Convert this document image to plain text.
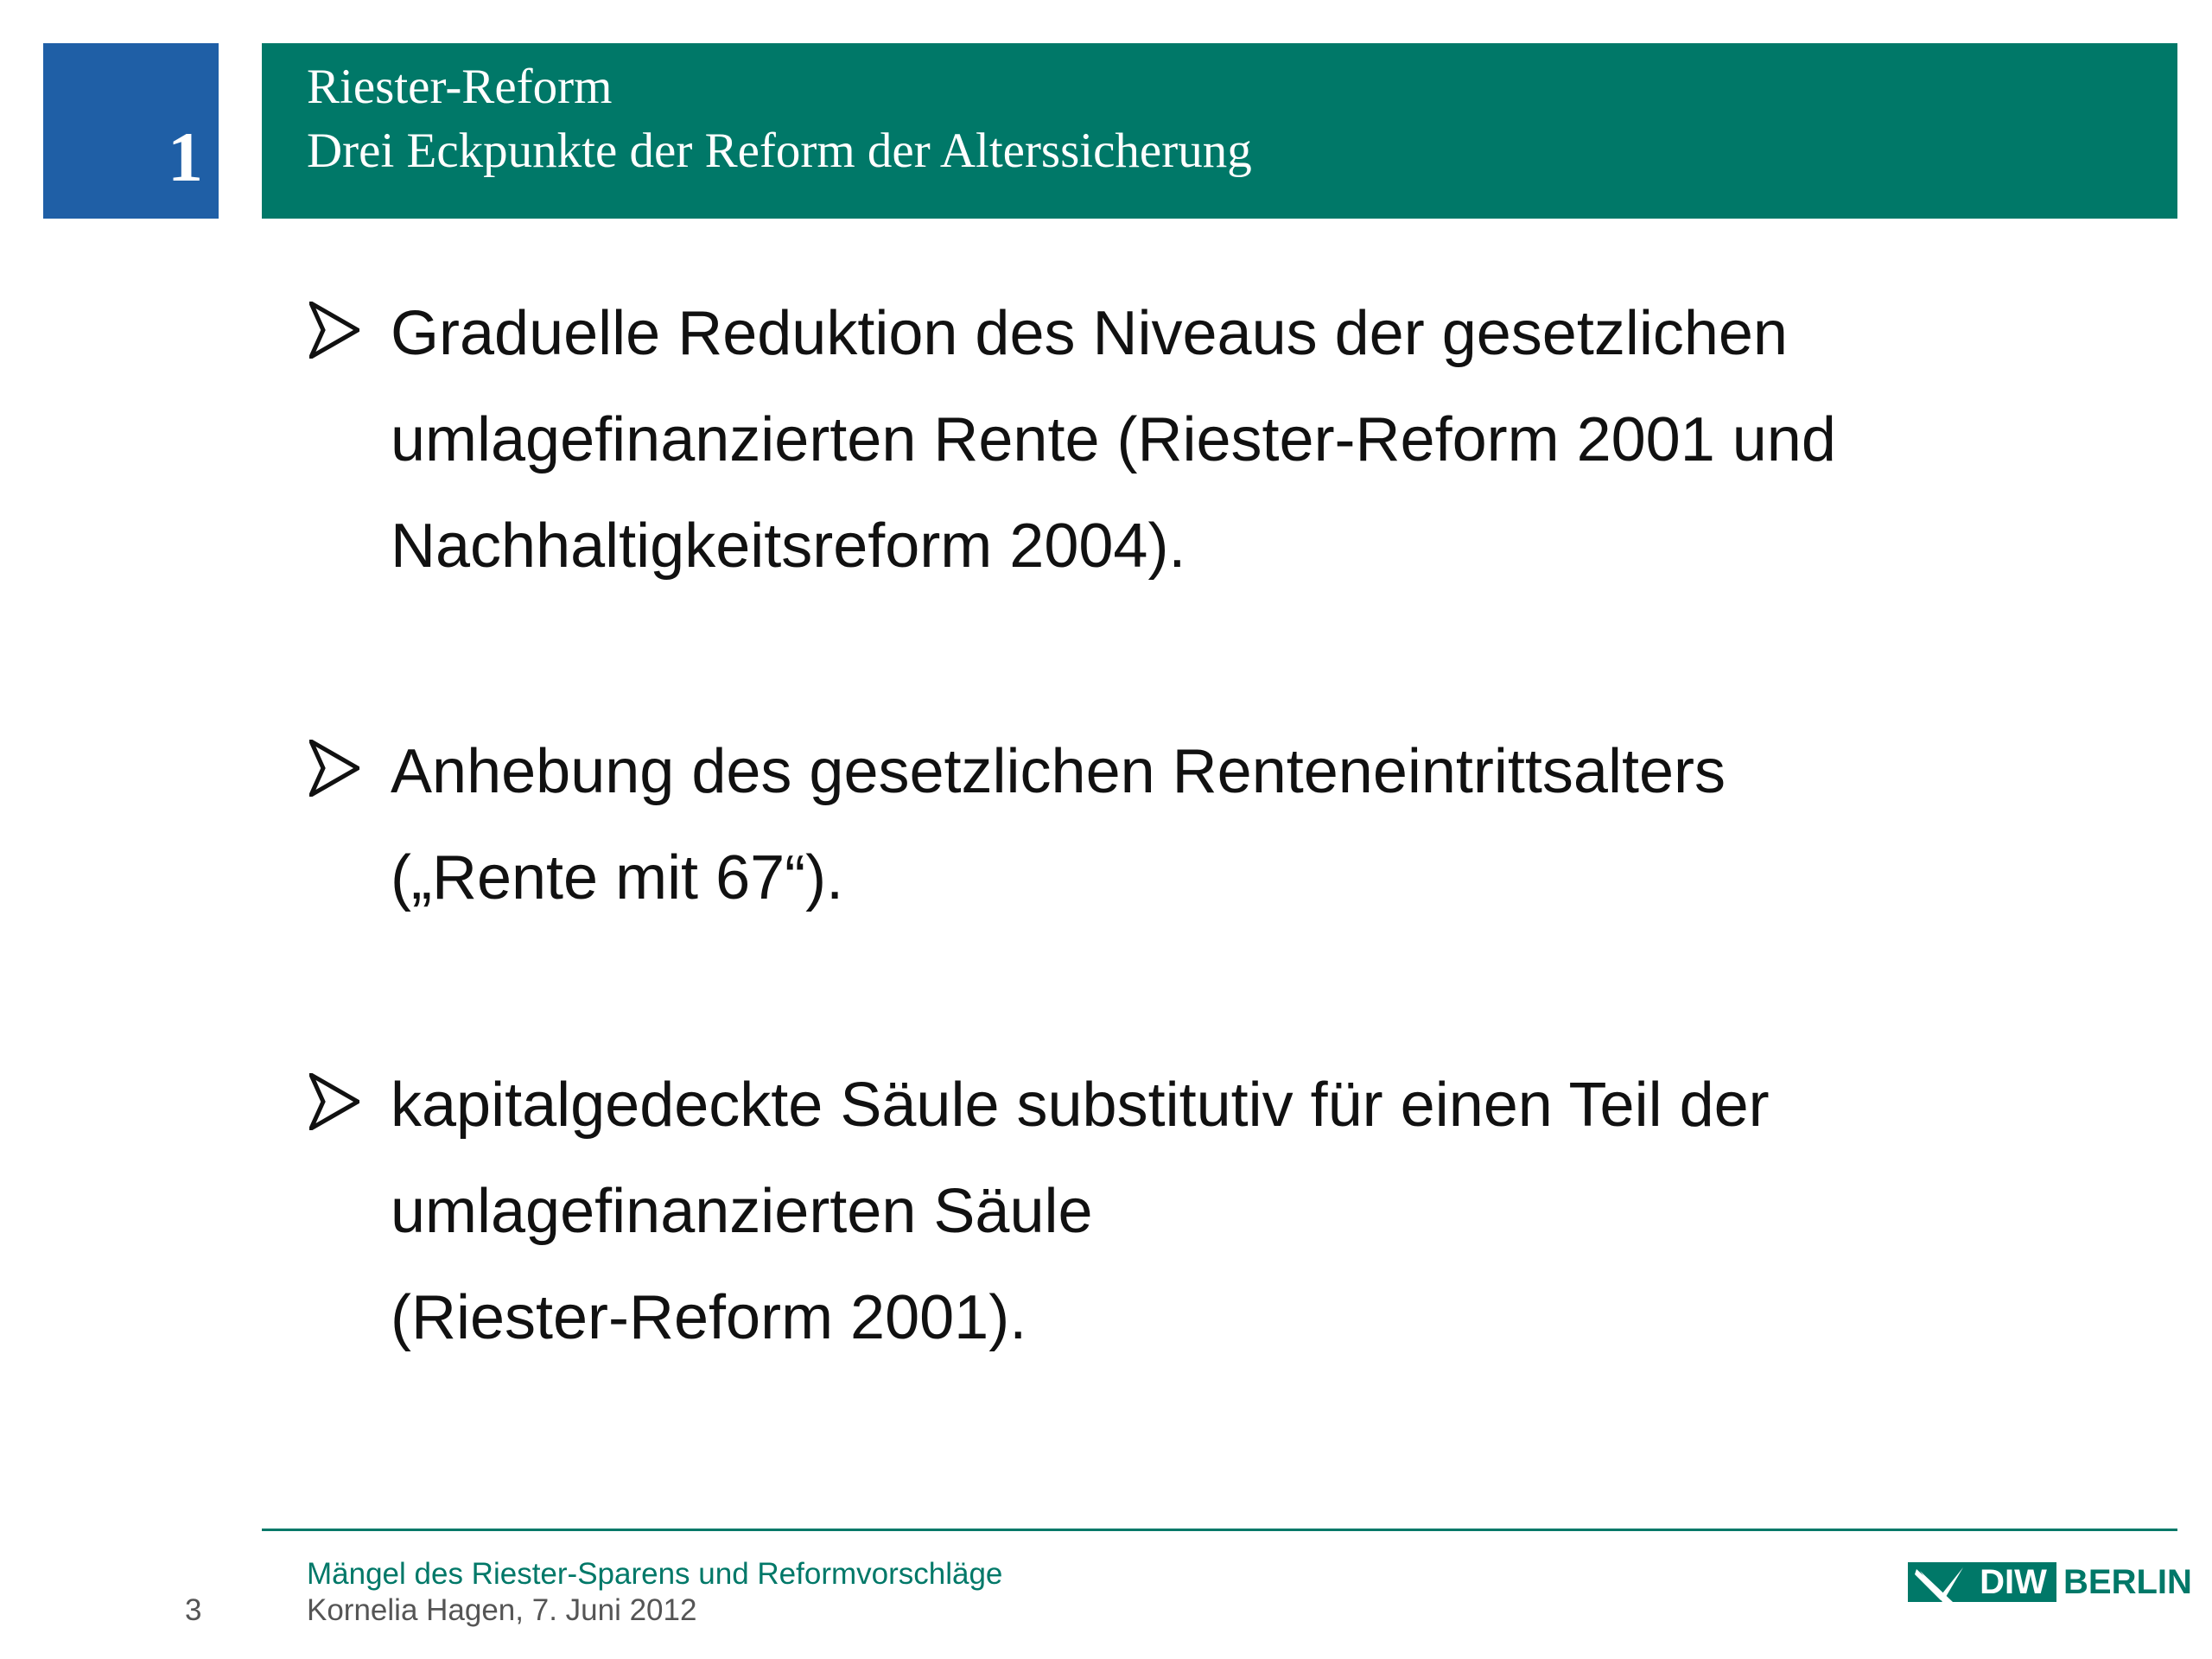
1
Riester-Reform
Drei Eckpunkte der Reform der Alterssicherung
Graduelle Reduktion des Niveaus der gesetzlichen
umlagefinanzierten Rente (Riester-Reform 2001 und
Nachhaltigkeitsreform 2004).
Anhebung des gesetzlichen Renteneintrittsalters
(„Rente mit 67“).
kapitalgedeckte Säule substitutiv für einen Teil der
umlagefinanzierten Säule
(Riester-Reform 2001).
Mängel des Riester-Sparens und Reformvorschläge
3	Kornelia Hagen, 7. Juni 2012
DIW BERLIN
